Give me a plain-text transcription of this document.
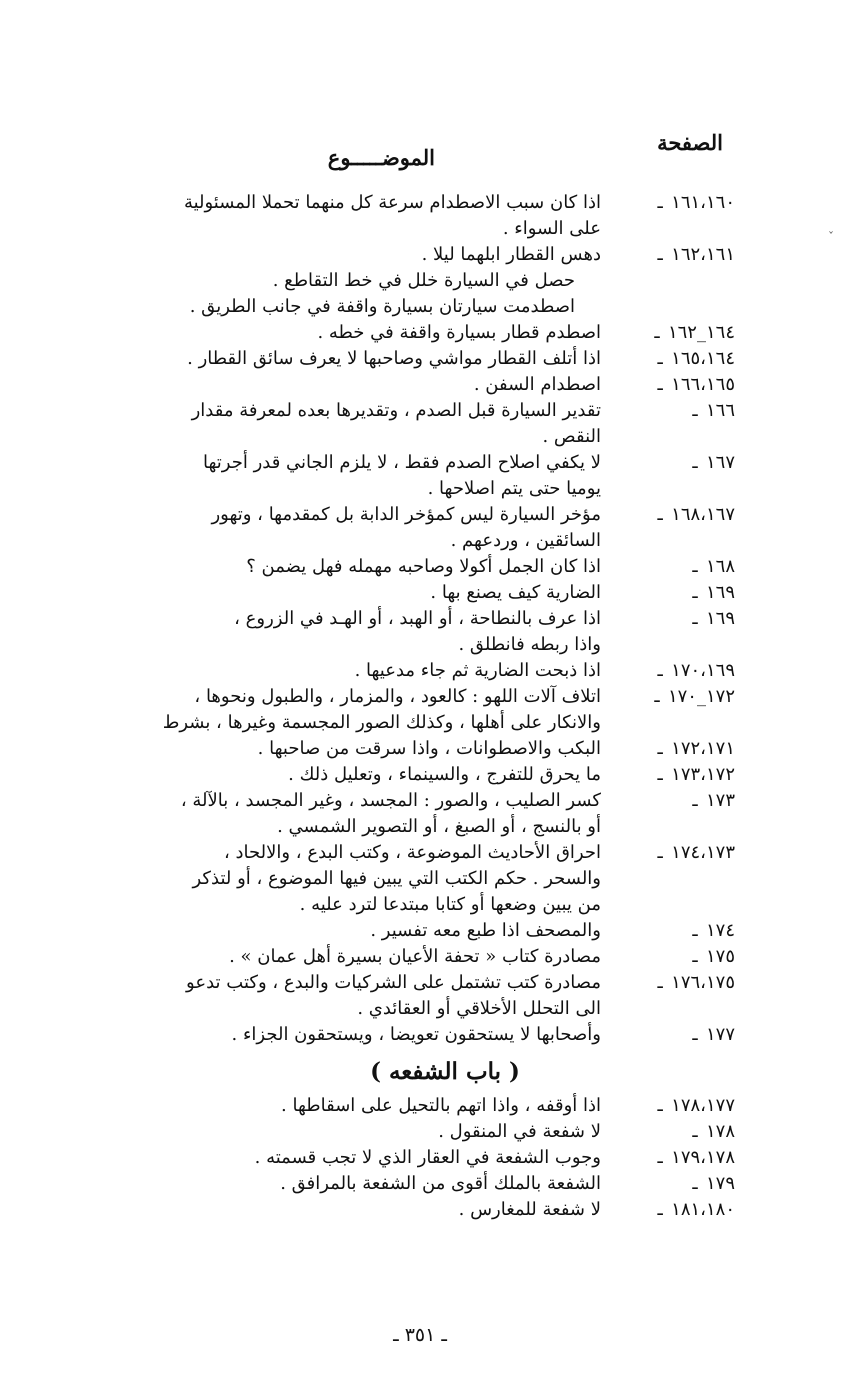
الصفحة
الموضـــــوع
١٦١،١٦٠ـ
اذا كان سبب الاصطدام سرعة كل منهما تحملا المسئولية
على السواء .
١٦٢،١٦١ـ
دهس القطار ابلهما ليلا .
حصل في السيارة خلل في خط التقاطع .
اصطدمت سيارتان بسيارة واقفة في جانب الطريق .
١٦٤_١٦٢ـ
اصطدم قطار بسيارة واقفة في خطه .
١٦٥،١٦٤ـ
اذا أتلف القطار مواشي وصاحبها لا يعرف سائق القطار .
١٦٦،١٦٥ـ
اصطدام السفن .
١٦٦ـ
تقدير السيارة قبل الصدم ، وتقديرها بعده لمعرفة مقدار
النقص .
١٦٧ـ
لا يكفي اصلاح الصدم فقط ، لا يلزم الجاني قدر أجرتها
يوميا حتى يتم اصلاحها .
١٦٨،١٦٧ـ
مؤخر السيارة ليس كمؤخر الدابة بل كمقدمها ، وتهور
السائقين ، وردعهم .
١٦٨ـ
اذا كان الجمل أكولا وصاحبه مهمله فهل يضمن ؟
١٦٩ـ
الضارية كيف يصنع بها .
١٦٩ـ
اذا عرف بالنطاحة ، أو الهبد ، أو الهـد في الزروع ،
واذا ربطه فانطلق .
١٧٠،١٦٩ـ
اذا ذبحت الضارية ثم جاء مدعيها .
١٧٢_١٧٠ـ
اتلاف آلات اللهو : كالعود ، والمزمار ، والطبول ونحوها ،
والانكار على أهلها ، وكذلك الصور المجسمة وغيرها ، بشرط
١٧٢،١٧١ـ
البكب والاصطوانات ، واذا سرقت من صاحبها .
١٧٣،١٧٢ـ
ما يحرق للتفرج ، والسينماء ، وتعليل ذلك .
١٧٣ـ
كسر الصليب ، والصور : المجسد ، وغير المجسد ، بالآلة ،
أو بالنسج ، أو الصبغ ، أو التصوير الشمسي .
١٧٤،١٧٣ـ
احراق الأحاديث الموضوعة ، وكتب البدع ، والالحاد ،
والسحر . حكم الكتب التي يبين فيها الموضوع ، أو لتذكر
من يبين وضعها أو كتابا مبتدعا لترد عليه .
١٧٤ـ
والمصحف اذا طبع معه تفسير .
١٧٥ـ
مصادرة كتاب « تحفة الأعيان بسيرة أهل عمان » .
١٧٦،١٧٥ـ
مصادرة كتب تشتمل على الشركيات والبدع ، وكتب تدعو
الى التحلل الأخلاقي أو العقائدي .
١٧٧ـ
وأصحابها لا يستحقون تعويضا ، ويستحقون الجزاء .
( باب الشفعه )
١٧٨،١٧٧ـ
اذا أوقفه ، واذا اتهم بالتحيل على اسقاطها .
١٧٨ـ
لا شفعة في المنقول .
١٧٩،١٧٨ـ
وجوب الشفعة في العقار الذي لا تجب قسمته .
١٧٩ـ
الشفعة بالملك أقوى من الشفعة بالمرافق .
١٨١،١٨٠ـ
لا شفعة للمغارس .
ـ ٣٥١ ـ
ˇ
